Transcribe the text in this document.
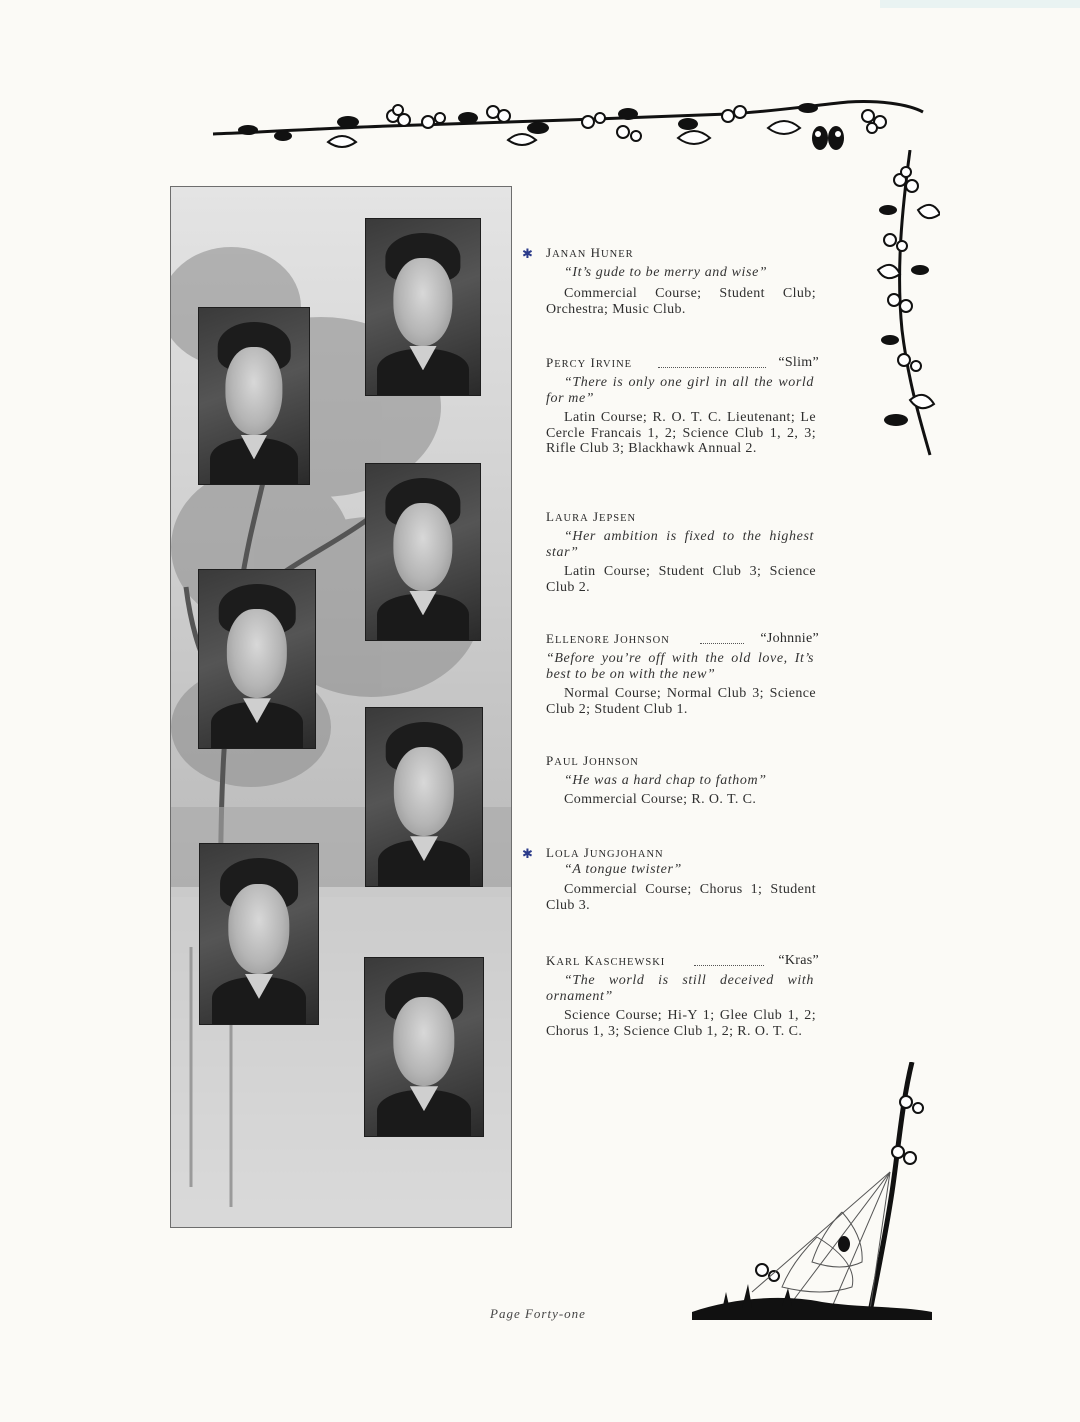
✱ JANAN HUNER
“It’s gude to be merry and wise”
Commercial Course; Student Club; Orchestra; Music Club.
PERCY IRVINE	“Slim”
“There is only one girl in all the world for me”
Latin Course; R. O. T. C. Lieutenant; Le Cercle Francais 1, 2; Science Club 1, 2, 3; Rifle Club 3; Blackhawk Annual 2.
LAURA JEPSEN
“Her ambition is fixed to the highest star”
Latin Course; Student Club 3; Science Club 2.
ELLENORE JOHNSON	“Johnnie”
“Before you’re off with the old love, It’s best to be on with the new”
Normal Course; Normal Club 3; Science Club 2; Student Club 1.
PAUL JOHNSON
“He was a hard chap to fathom”
Commercial Course; R. O. T. C.
✱ LOLA JUNGJOHANN
“A tongue twister”
Commercial Course; Chorus 1; Student Club 3.
KARL KASCHEWSKI	“Kras”
“The world is still deceived with ornament”
Science Course; Hi-Y 1; Glee Club 1, 2; Chorus 1, 3; Science Club 1, 2; R. O. T. C.
Page Forty-one
